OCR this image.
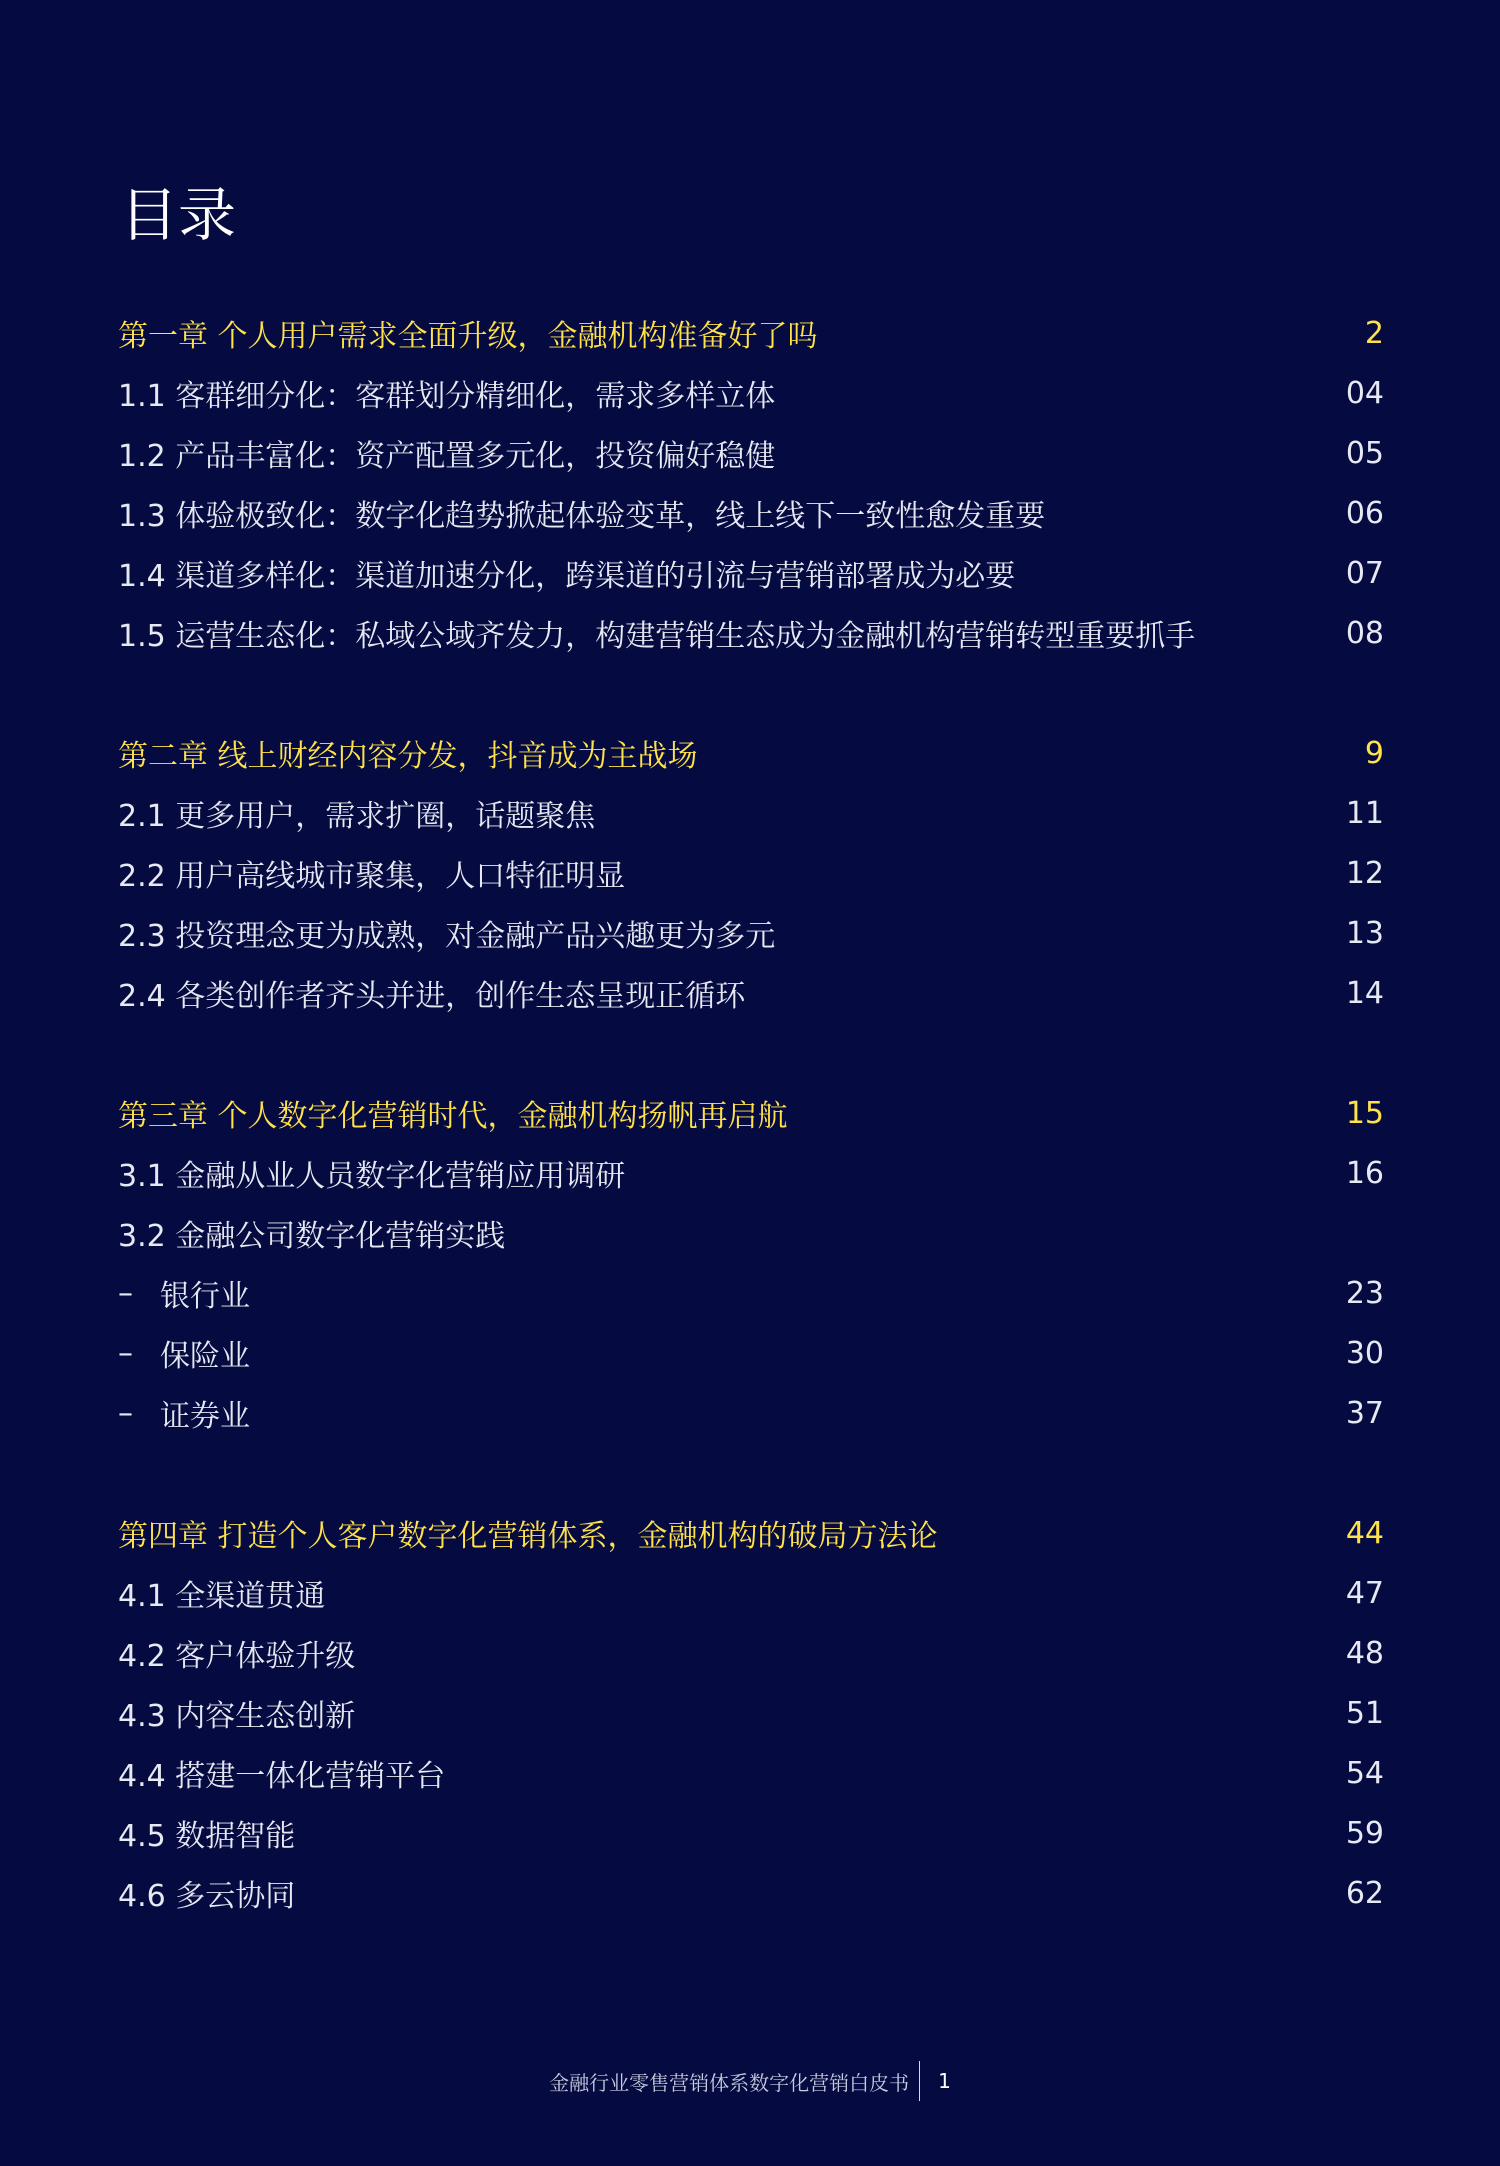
目录
第一章 个人用户需求全面升级，金融机构准备好了吗	2
1.1 客群细分化：客群划分精细化，需求多样立体	04
1.2 产品丰富化：资产配置多元化，投资偏好稳健	05
1.3 体验极致化：数字化趋势掀起体验变革，线上线下一致性愈发重要	06
1.4 渠道多样化：渠道加速分化，跨渠道的引流与营销部署成为必要	07
1.5 运营生态化：私域公域齐发力，构建营销生态成为金融机构营销转型重要抓手	08
第二章 线上财经内容分发，抖音成为主战场	9
2.1 更多用户，需求扩圈，话题聚焦	11
2.2 用户高线城市聚集，人口特征明显	12
2.3 投资理念更为成熟，对金融产品兴趣更为多元	13
2.4 各类创作者齐头并进，创作生态呈现正循环	14
第三章 个人数字化营销时代，金融机构扬帆再启航	15
3.1 金融从业人员数字化营销应用调研	16
3.2 金融公司数字化营销实践
– 银行业	23
– 保险业	30
– 证券业	37
第四章 打造个人客户数字化营销体系，金融机构的破局方法论	44
4.1 全渠道贯通	47
4.2 客户体验升级	48
4.3 内容生态创新	51
4.4 搭建一体化营销平台	54
4.5 数据智能	59
4.6 多云协同	62
金融行业零售营销体系数字化营销白皮书 1
